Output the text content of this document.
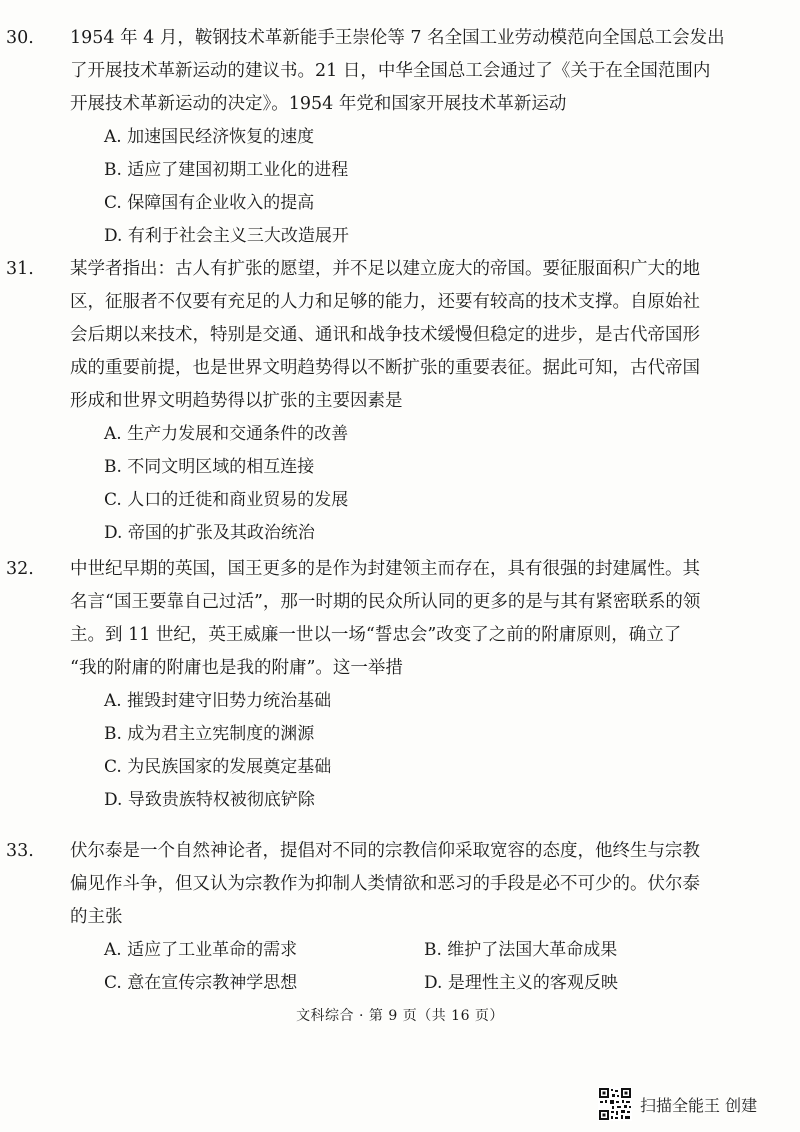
30. 1954 年 4 月，鞍钢技术革新能手王崇伦等 7 名全国工业劳动模范向全国总工会发出
了开展技术革新运动的建议书。21 日，中华全国总工会通过了《关于在全国范围内
开展技术革新运动的决定》。1954 年党和国家开展技术革新运动
A. 加速国民经济恢复的速度
B. 适应了建国初期工业化的进程
C. 保障国有企业收入的提高
D. 有利于社会主义三大改造展开
31. 某学者指出：古人有扩张的愿望，并不足以建立庞大的帝国。要征服面积广大的地
区，征服者不仅要有充足的人力和足够的能力，还要有较高的技术支撑。自原始社
会后期以来技术，特别是交通、通讯和战争技术缓慢但稳定的进步，是古代帝国形
成的重要前提，也是世界文明趋势得以不断扩张的重要表征。据此可知，古代帝国
形成和世界文明趋势得以扩张的主要因素是
A. 生产力发展和交通条件的改善
B. 不同文明区域的相互连接
C. 人口的迁徙和商业贸易的发展
D. 帝国的扩张及其政治统治
32. 中世纪早期的英国，国王更多的是作为封建领主而存在，具有很强的封建属性。其
名言“国王要靠自己过活”，那一时期的民众所认同的更多的是与其有紧密联系的领
主。到 11 世纪，英王威廉一世以一场“誓忠会”改变了之前的附庸原则，确立了
“我的附庸的附庸也是我的附庸”。这一举措
A. 摧毁封建守旧势力统治基础
B. 成为君主立宪制度的渊源
C. 为民族国家的发展奠定基础
D. 导致贵族特权被彻底铲除
33. 伏尔泰是一个自然神论者，提倡对不同的宗教信仰采取宽容的态度，他终生与宗教
偏见作斗争，但又认为宗教作为抑制人类情欲和恶习的手段是必不可少的。伏尔泰
的主张
A. 适应了工业革命的需求	B. 维护了法国大革命成果
C. 意在宣传宗教神学思想	D. 是理性主义的客观反映
文科综合 · 第 9 页（共 16 页）
扫描全能王 创建
